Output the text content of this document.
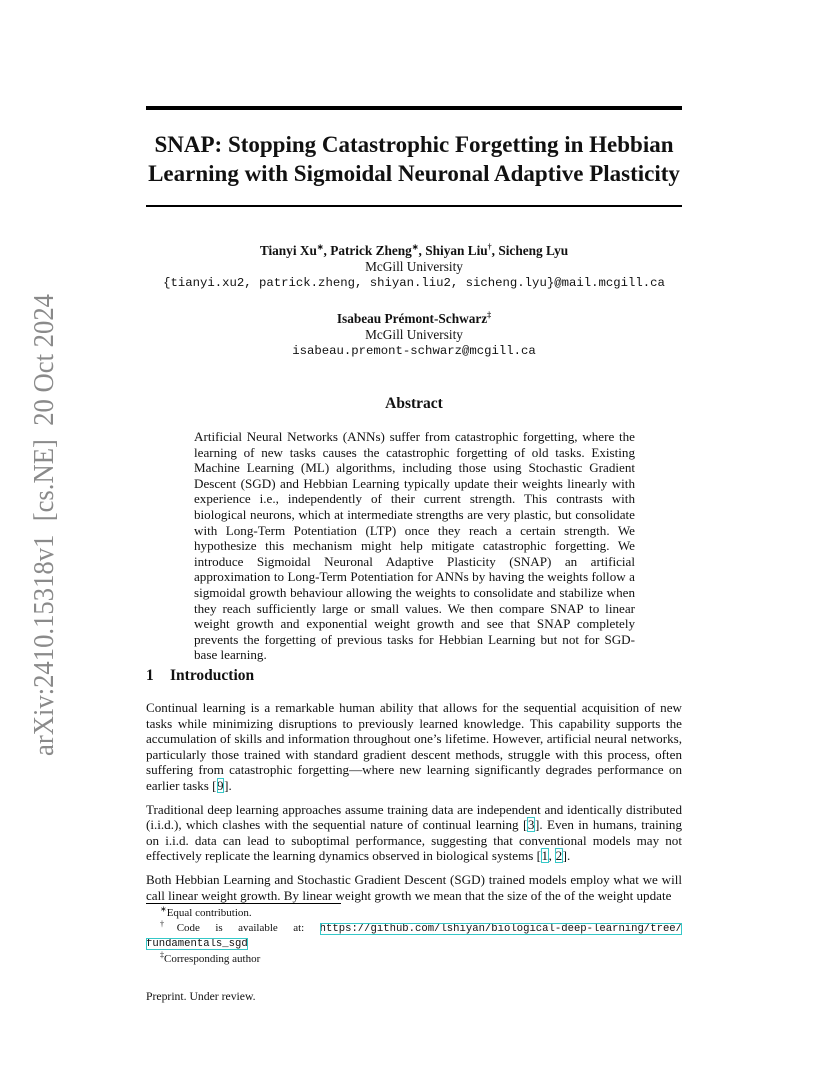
arXiv:2410.15318v1  [cs.NE]  20 Oct 2024
SNAP: Stopping Catastrophic Forgetting in Hebbian
Learning with Sigmoidal Neuronal Adaptive Plasticity
Tianyi Xu∗, Patrick Zheng∗, Shiyan Liu†, Sicheng Lyu
McGill University
{tianyi.xu2, patrick.zheng, shiyan.liu2, sicheng.lyu}@mail.mcgill.ca
Isabeau Prémont-Schwarz‡
McGill University
isabeau.premont-schwarz@mcgill.ca
Abstract
Artificial Neural Networks (ANNs) suffer from catastrophic forgetting, where the learning of new tasks causes the catastrophic forgetting of old tasks. Existing Machine Learning (ML) algorithms, including those using Stochastic Gradient Descent (SGD) and Hebbian Learning typically update their weights linearly with experience i.e., independently of their current strength. This contrasts with biological neurons, which at intermediate strengths are very plastic, but consolidate with Long-Term Potentiation (LTP) once they reach a certain strength. We hypothesize this mechanism might help mitigate catastrophic forgetting. We introduce Sigmoidal Neuronal Adaptive Plasticity (SNAP) an artificial approximation to Long-Term Potentiation for ANNs by having the weights follow a sigmoidal growth behaviour allowing the weights to consolidate and stabilize when they reach sufficiently large or small values. We then compare SNAP to linear weight growth and exponential weight growth and see that SNAP completely prevents the forgetting of previous tasks for Hebbian Learning but not for SGD-base learning.
1 Introduction

Continual learning is a remarkable human ability that allows for the sequential acquisition of new tasks while minimizing disruptions to previously learned knowledge. This capability supports the accumulation of skills and information throughout one’s lifetime. However, artificial neural networks, particularly those trained with standard gradient descent methods, struggle with this process, often suffering from catastrophic forgetting—where new learning significantly degrades performance on earlier tasks [9].

Traditional deep learning approaches assume training data are independent and identically distributed (i.i.d.), which clashes with the sequential nature of continual learning [3]. Even in humans, training on i.i.d. data can lead to suboptimal performance, suggesting that conventional models may not effectively replicate the learning dynamics observed in biological systems [1, 2].

Both Hebbian Learning and Stochastic Gradient Descent (SGD) trained models employ what we will call linear weight growth. By linear weight growth we mean that the size of the of the weight update

∗Equal contribution.
†Code is available at: https://github.com/lshiyan/biological-deep-learning/tree/
fundamentals_sgd
‡Corresponding author
Preprint. Under review.
